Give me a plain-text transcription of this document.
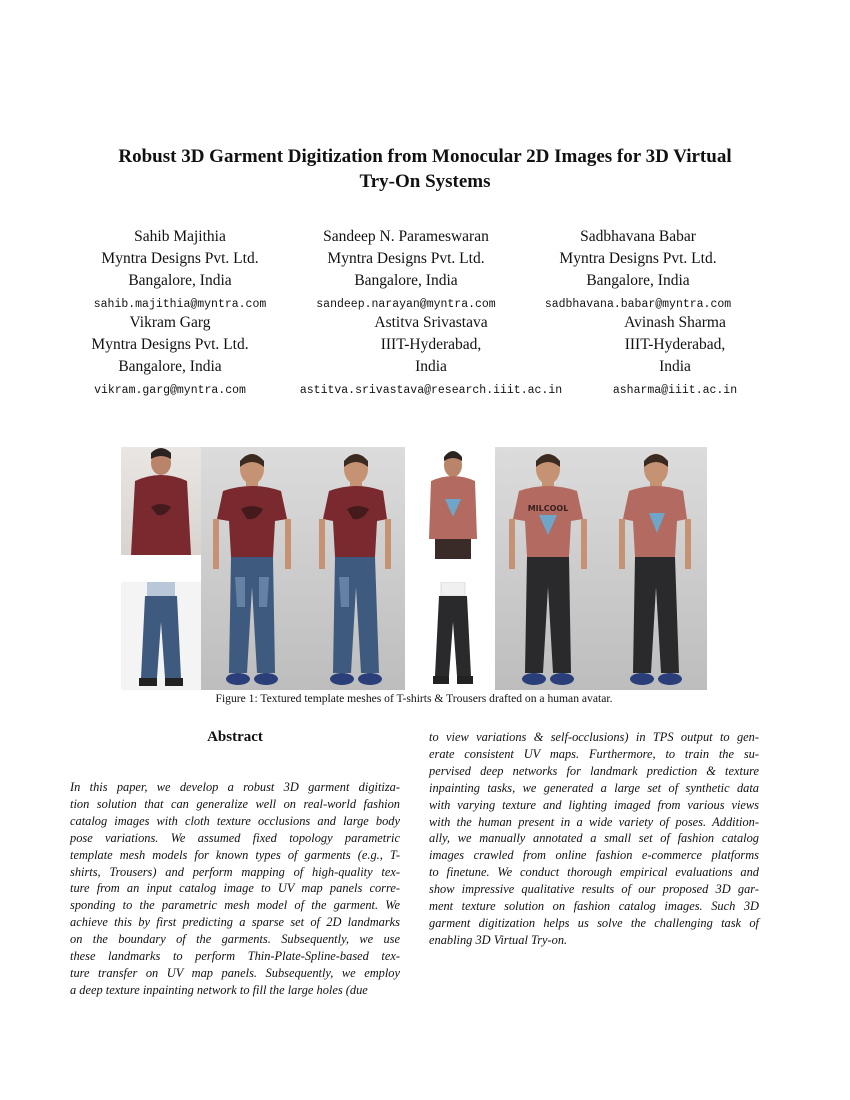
Robust 3D Garment Digitization from Monocular 2D Images for 3D Virtual
Try-On Systems
Sahib Majithia
Myntra Designs Pvt. Ltd.
Bangalore, India
sahib.majithia@myntra.com
Sandeep N. Parameswaran
Myntra Designs Pvt. Ltd.
Bangalore, India
sandeep.narayan@myntra.com
Sadbhavana Babar
Myntra Designs Pvt. Ltd.
Bangalore, India
sadbhavana.babar@myntra.com
Vikram Garg
Myntra Designs Pvt. Ltd.
Bangalore, India
vikram.garg@myntra.com
Astitva Srivastava
IIIT-Hyderabad,
India
astitva.srivastava@research.iiit.ac.in
Avinash Sharma
IIIT-Hyderabad,
India
asharma@iiit.ac.in
MILCOOL
Figure 1: Textured template meshes of T-shirts & Trousers drafted on a human avatar.
Abstract
In this paper, we develop a robust 3D garment digitiza-
tion solution that can generalize well on real-world fashion
catalog images with cloth texture occlusions and large body
pose variations. We assumed fixed topology parametric
template mesh models for known types of garments (e.g., T-
shirts, Trousers) and perform mapping of high-quality tex-
ture from an input catalog image to UV map panels corre-
sponding to the parametric mesh model of the garment. We
achieve this by first predicting a sparse set of 2D landmarks
on the boundary of the garments. Subsequently, we use
these landmarks to perform Thin-Plate-Spline-based tex-
ture transfer on UV map panels. Subsequently, we employ
a deep texture inpainting network to fill the large holes (due
to view variations & self-occlusions) in TPS output to gen-
erate consistent UV maps. Furthermore, to train the su-
pervised deep networks for landmark prediction & texture
inpainting tasks, we generated a large set of synthetic data
with varying texture and lighting imaged from various views
with the human present in a wide variety of poses. Addition-
ally, we manually annotated a small set of fashion catalog
images crawled from online fashion e-commerce platforms
to finetune. We conduct thorough empirical evaluations and
show impressive qualitative results of our proposed 3D gar-
ment texture solution on fashion catalog images. Such 3D
garment digitization helps us solve the challenging task of
enabling 3D Virtual Try-on.
